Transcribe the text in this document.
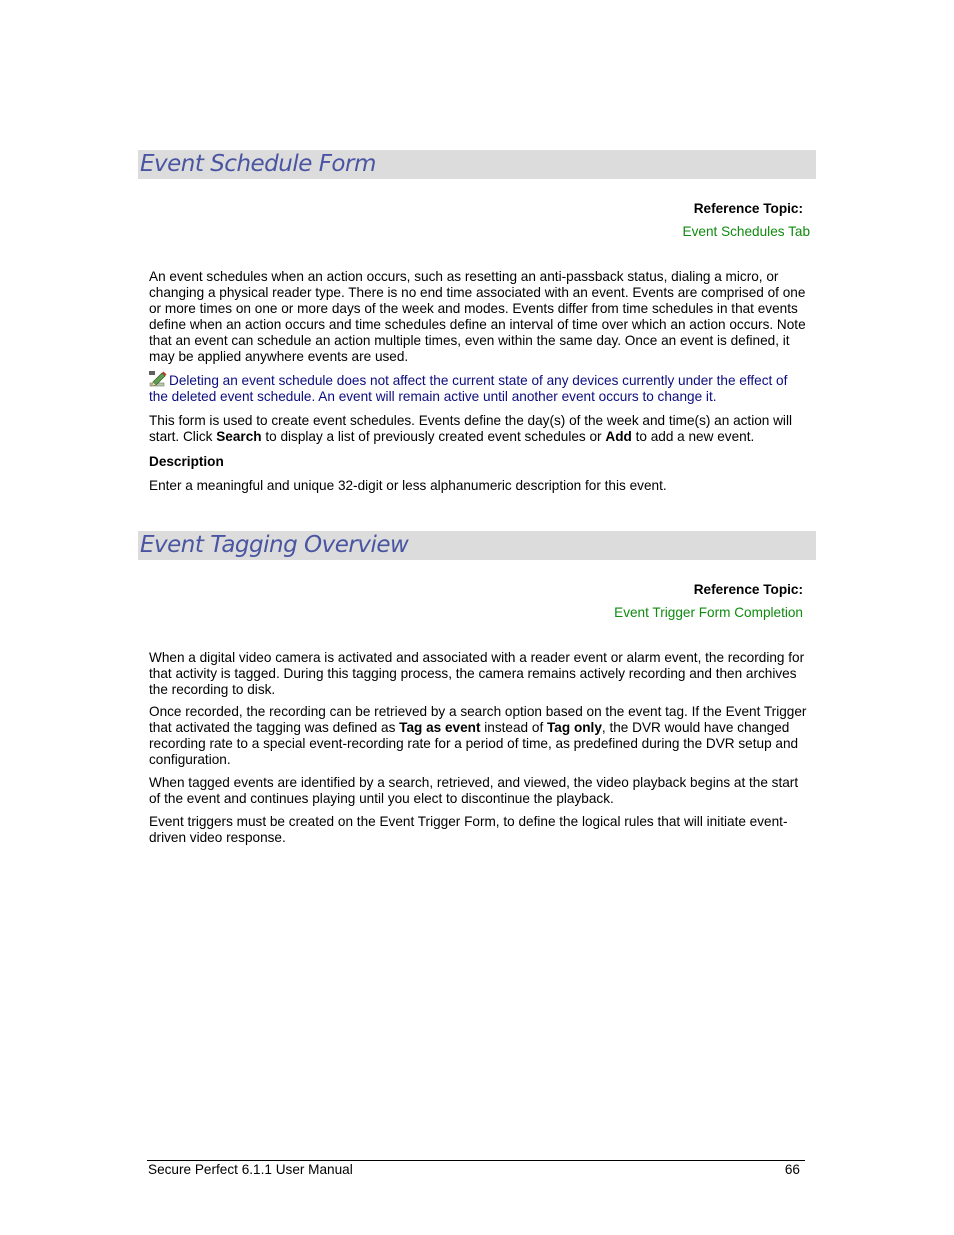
Event Schedule Form
Reference Topic:
Event Schedules Tab

An event schedules when an action occurs, such as resetting an anti-passback status, dialing a micro, or changing a physical reader type. There is no end time associated with an event. Events are comprised of one or more times on one or more days of the week and modes. Events differ from time schedules in that events define when an action occurs and time schedules define an interval of time over which an action occurs. Note that an event can schedule an action multiple times, even within the same day. Once an event is defined, it may be applied anywhere events are used.

Deleting an event schedule does not affect the current state of any devices currently under the effect of the deleted event schedule. An event will remain active until another event occurs to change it.

This form is used to create event schedules. Events define the day(s) of the week and time(s) an action will start. Click Search to display a list of previously created event schedules or Add to add a new event.

Description

Enter a meaningful and unique 32-digit or less alphanumeric description for this event.

Event Tagging Overview
Reference Topic:
Event Trigger Form Completion

When a digital video camera is activated and associated with a reader event or alarm event, the recording for that activity is tagged. During this tagging process, the camera remains actively recording and then archives the recording to disk.

Once recorded, the recording can be retrieved by a search option based on the event tag. If the Event Trigger that activated the tagging was defined as Tag as event instead of Tag only, the DVR would have changed recording rate to a special event-recording rate for a period of time, as predefined during the DVR setup and configuration.

When tagged events are identified by a search, retrieved, and viewed, the video playback begins at the start of the event and continues playing until you elect to discontinue the playback.

Event triggers must be created on the Event Trigger Form, to define the logical rules that will initiate event-driven video response.

Secure Perfect 6.1.1 User Manual	66
